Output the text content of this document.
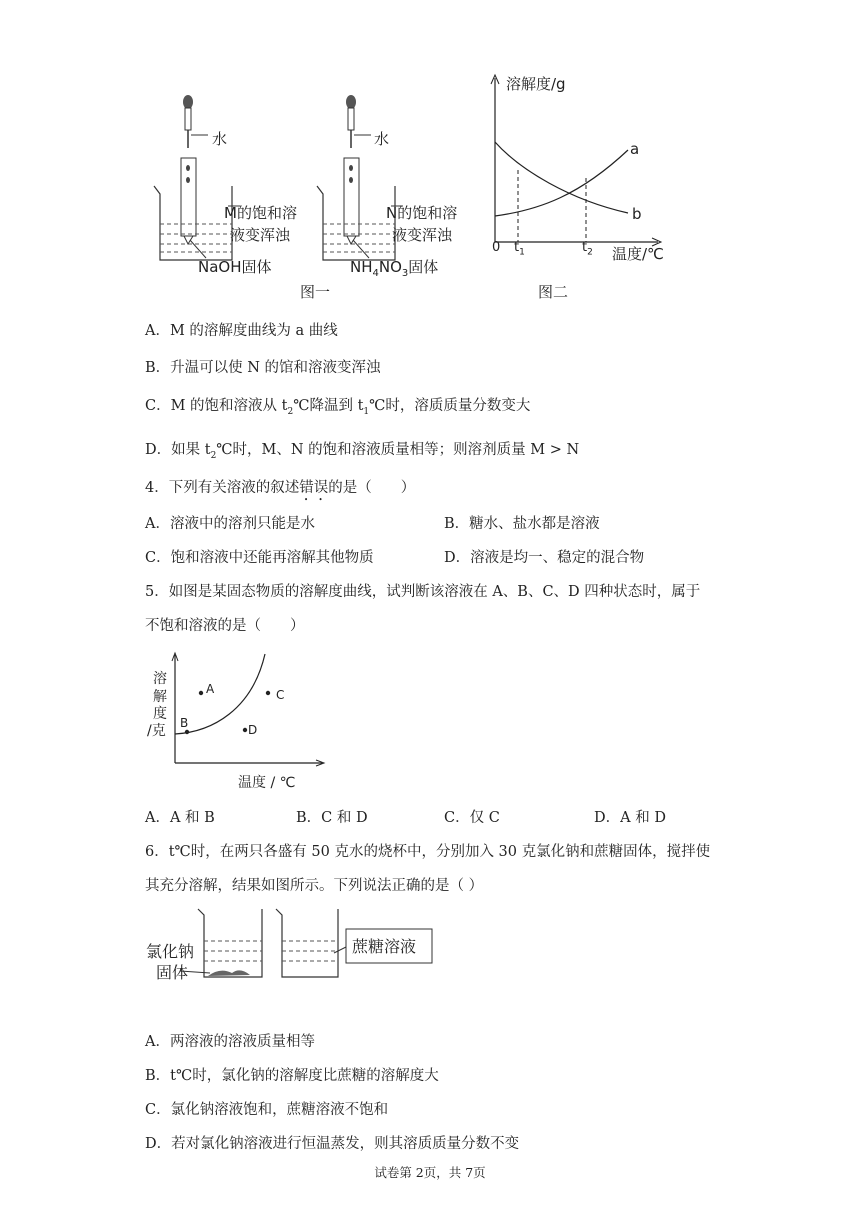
水
M的饱和溶
液变浑浊
NaOH固体
水
N的饱和溶
液变浑浊
$NH_4NO_3$固体
图一
溶解度/g
a
b
0 $t_1$	$t_2$ 温度/℃
图二
A．M 的溶解度曲线为 a 曲线
B．升温可以使 N 的馆和溶液变浑浊
C．M 的饱和溶液从 $t_2℃$降温到 $t_1℃$时，溶质质量分数变大
D．如果 $t_2℃$时，M、N 的饱和溶液质量相等；则溶剂质量 M > N
4．下列有关溶液的叙述错误的是（　　）
A．溶液中的溶剂只能是水	B．糖水、盐水都是溶液
C．饱和溶液中还能再溶解其他物质	D．溶液是均一、稳定的混合物
5．如图是某固态物质的溶解度曲线，试判断该溶液在 A、B、C、D 四种状态时，属于
不饱和溶液的是（　　）
溶
解
度
/克
A
B
C
D
温度 / ℃
A．A 和 B	B．C 和 D	C．仅 C	D．A 和 D
6．t℃时，在两只各盛有 50 克水的烧杯中，分别加入 30 克氯化钠和蔗糖固体，搅拌使
其充分溶解，结果如图所示。下列说法正确的是（ ）
氯化钠
固体
蔗糖溶液
A．两溶液的溶液质量相等
B．t℃时，氯化钠的溶解度比蔗糖的溶解度大
C．氯化钠溶液饱和，蔗糖溶液不饱和
D．若对氯化钠溶液进行恒温蒸发，则其溶质质量分数不变
试卷第 2页，共 7页
